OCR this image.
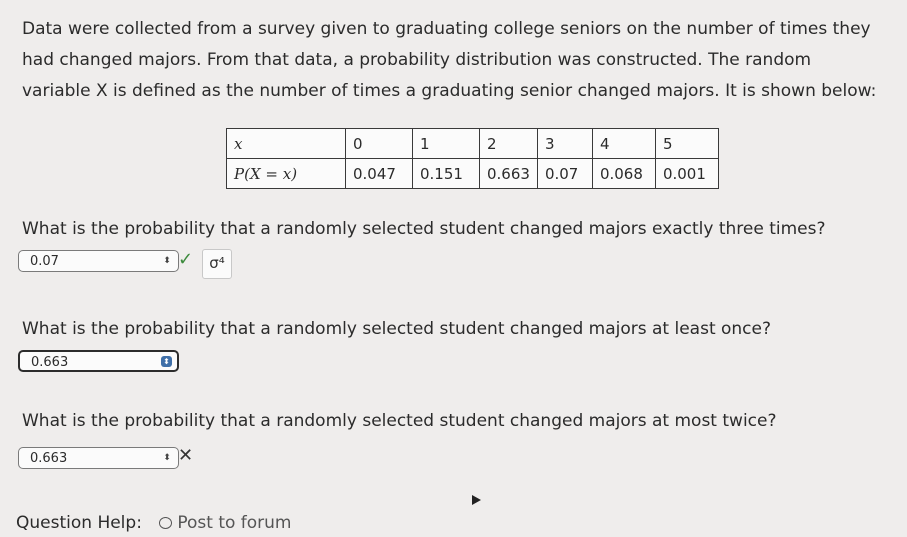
Data were collected from a survey given to graduating college seniors on the number of times they
had changed majors. From that data, a probability distribution was constructed. The random
variable X is defined as the number of times a graduating senior changed majors. It is shown below:
x	0	1	2	3	4	5
P(X = x)	0.047	0.151	0.663	0.07	0.068	0.001
What is the probability that a randomly selected student changed majors exactly three times?
0.07	⬍ ✓	σ⁴
What is the probability that a randomly selected student changed majors at least once?
0.663	⬍
What is the probability that a randomly selected student changed majors at most twice?
0.663	⬍ ✕
Question Help: Post to forum
